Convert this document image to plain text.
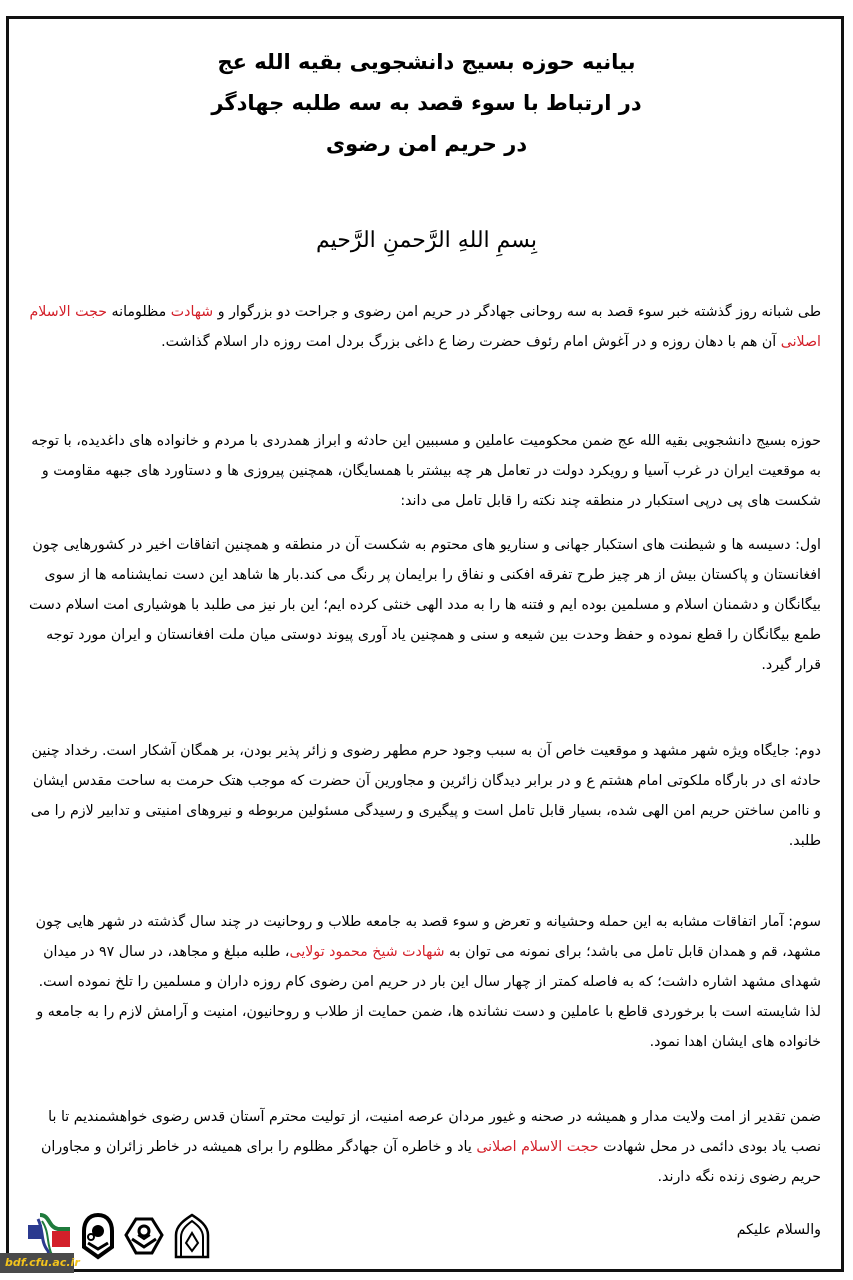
بیانیه حوزه بسیج دانشجویی بقیه الله عج
در ارتباط با سوء قصد به سه طلبه جهادگر
در حریم امن رضوی
بِسمِ اللهِ الرَّحمنِ الرَّحیم

طی شبانه روز گذشته خبر سوء قصد به سه روحانی جهادگر در حریم امن رضوی و جراحت دو بزرگوار و شهادت مظلومانه حجت الاسلام اصلانی آن هم با دهان روزه و در آغوش امام رئوف حضرت رضا ع داغی بزرگ بردل امت روزه دار اسلام گذاشت.

حوزه بسیج دانشجویی بقیه الله عج ضمن محکومیت عاملین و مسببین این حادثه و ابراز همدردی با مردم و خانواده های داغدیده، با توجه به موقعیت ایران در غرب آسیا و رویکرد دولت در تعامل هر چه بیشتر با همسایگان، همچنین پیروزی ها و دستاورد های جبهه مقاومت و شکست های پی درپی استکبار در منطقه چند نکته را قابل تامل می داند:

اول: دسیسه ها و شیطنت های استکبار جهانی و سناریو های محتوم به شکست آن در منطقه و همچنین اتفاقات اخیر در کشورهایی چون افغانستان و پاکستان بیش از هر چیز طرح تفرقه افکنی و نفاق را برایمان پر رنگ می کند.بار ها شاهد این دست نمایشنامه ها از سوی بیگانگان و دشمنان اسلام و مسلمین بوده ایم و فتنه ها را به مدد الهی خنثی کرده ایم؛ این بار نیز می طلبد با هوشیاری امت اسلام دست طمع بیگانگان را قطع نموده و حفظ وحدت بین شیعه و سنی و همچنین یاد آوری پیوند دوستی میان ملت افغانستان و ایران مورد توجه قرار گیرد.

دوم: جایگاه ویژه شهر مشهد و موقعیت خاص آن به سبب وجود حرم مطهر رضوی و زائر پذیر بودن، بر همگان آشکار است. رخداد چنین حادثه ای در بارگاه ملکوتی امام هشتم ع و در برابر دیدگان زائرین و مجاورین آن حضرت که موجب هتک حرمت به ساحت مقدس ایشان و ناامن ساختن حریم امن الهی شده، بسیار قابل تامل است و پیگیری و رسیدگی مسئولین مربوطه و نیروهای امنیتی و تدابیر لازم را می طلبد.

سوم: آمار اتفاقات مشابه به این حمله وحشیانه و تعرض و سوء قصد به جامعه طلاب و روحانیت در چند سال گذشته در شهر هایی چون مشهد، قم و همدان قابل تامل می باشد؛ برای نمونه می توان به شهادت شیخ محمود تولایی، طلبه مبلغ و مجاهد، در سال ۹۷ در میدان شهدای مشهد اشاره داشت؛ که به فاصله کمتر از چهار سال این بار در حریم امن رضوی کام روزه داران و مسلمین را تلخ نموده است. لذا شایسته است با برخوردی قاطع با عاملین و دست نشانده ها، ضمن حمایت از طلاب و روحانیون، امنیت و آرامش لازم را به جامعه و خانواده های ایشان اهدا نمود.

ضمن تقدیر از امت ولایت مدار و همیشه در صحنه و غیور مردان عرصه امنیت، از تولیت محترم آستان قدس رضوی خواهشمندیم تا با نصب یاد بودی دائمی در محل شهادت حجت الاسلام اصلانی یاد و خاطره آن جهادگر مظلوم را برای همیشه در خاطر زائران و مجاوران حریم رضوی زنده نگه دارند.

والسلام علیکم
bdf.cfu.ac.ir
